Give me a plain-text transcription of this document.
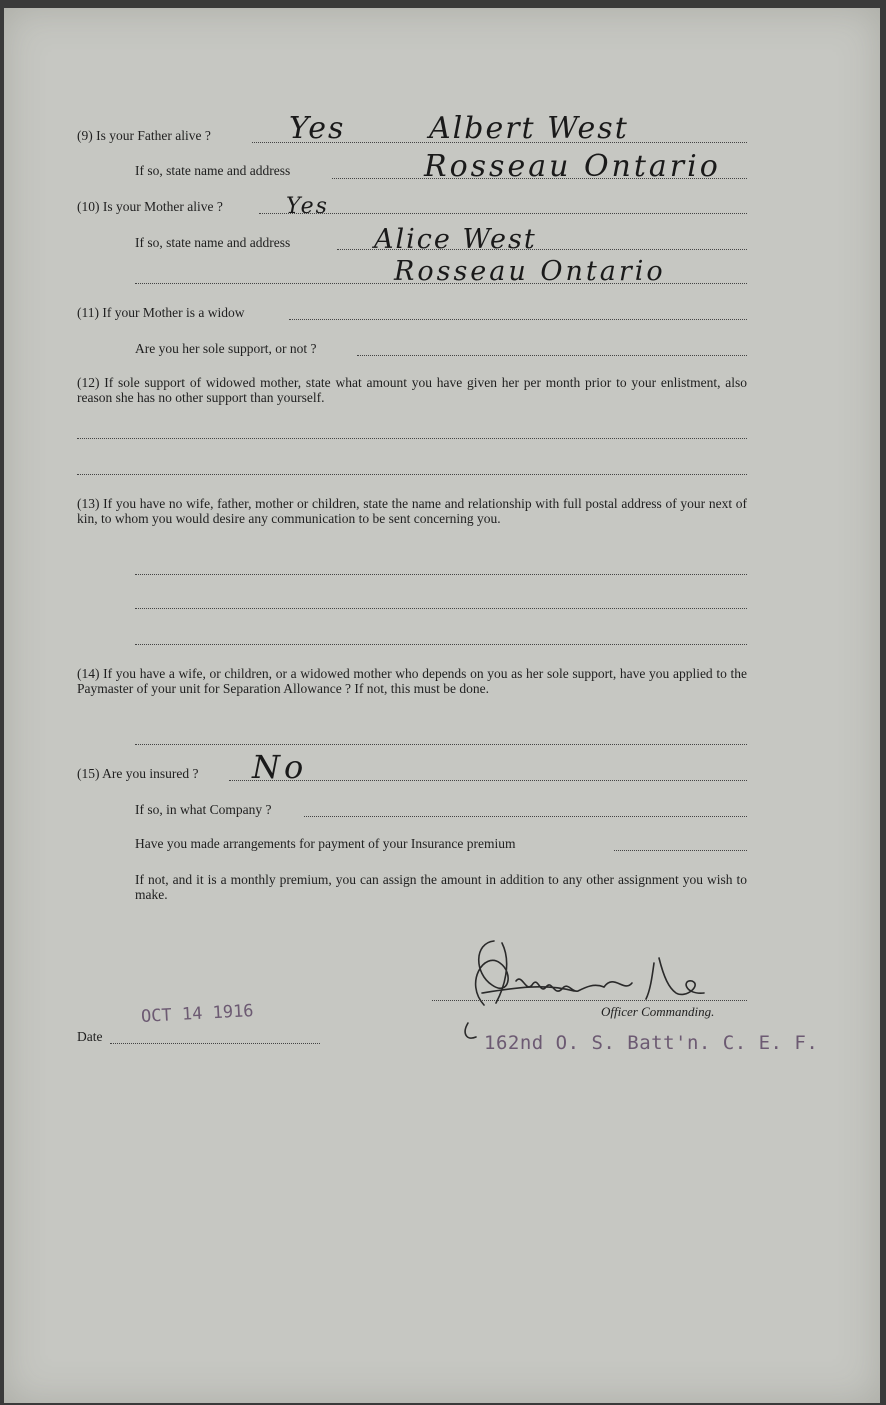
(9) Is your Father alive ?	Yes	Albert West
If so, state name and address	Rosseau Ontario
(10) Is your Mother alive ?	Yes
If so, state name and address	Alice West
Rosseau Ontario
(11) If your Mother is a widow
Are you her sole support, or not ?
(12) If sole support of widowed mother, state what amount you have given her per month prior to your enlistment, also reason she has no other support than yourself.
(13) If you have no wife, father, mother or children, state the name and relationship with full postal address of your next of kin, to whom you would desire any communication to be sent concerning you.
(14) If you have a wife, or children, or a widowed mother who depends on you as her sole support, have you applied to the Paymaster of your unit for Separation Allowance ? If not, this must be done.
(15) Are you insured ? No
If so, in what Company ?
Have you made arrangements for payment of your Insurance premium
If not, and it is a monthly premium, you can assign the amount in addition to any other assignment you wish to make.
Officer Commanding.
162nd O. S. Batt'n. C. E. F.
OCT 14 1916
Date
